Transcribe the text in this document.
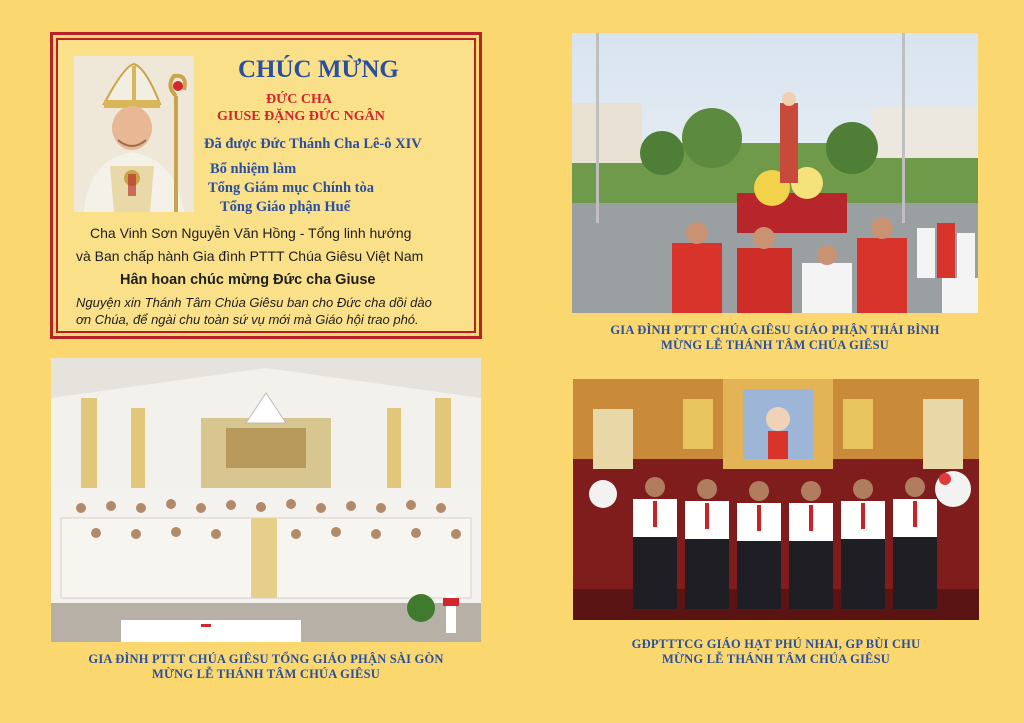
CHÚC MỪNG
ĐỨC CHA
GIUSE ĐẶNG ĐỨC NGÂN
Đã được Đức Thánh Cha Lê-ô XIV
Bổ nhiệm làm
Tổng Giám mục Chính tòa
Tổng Giáo phận Huế
Cha Vinh Sơn Nguyễn Văn Hồng - Tổng linh hướng
và Ban chấp hành Gia đình PTTT Chúa Giêsu Việt Nam
Hân hoan chúc mừng Đức cha Giuse
Nguyện xin Thánh Tâm Chúa Giêsu ban cho Đức cha dồi dào
ơn Chúa, để ngài chu toàn sứ vụ mới mà Giáo hội trao phó.
GIA ĐÌNH PTTT CHÚA GIÊSU GIÁO PHẬN THÁI BÌNH
MỪNG LỄ THÁNH TÂM CHÚA GIÊSU
GIA ĐÌNH PTTT CHÚA GIÊSU TỔNG GIÁO PHẬN SÀI GÒN
MỪNG LỄ THÁNH TÂM CHÚA GIÊSU
GĐPTTTCG GIÁO HẠT PHÚ NHAI, GP BÙI CHU
MỪNG LỄ THÁNH TÂM CHÚA GIÊSU
